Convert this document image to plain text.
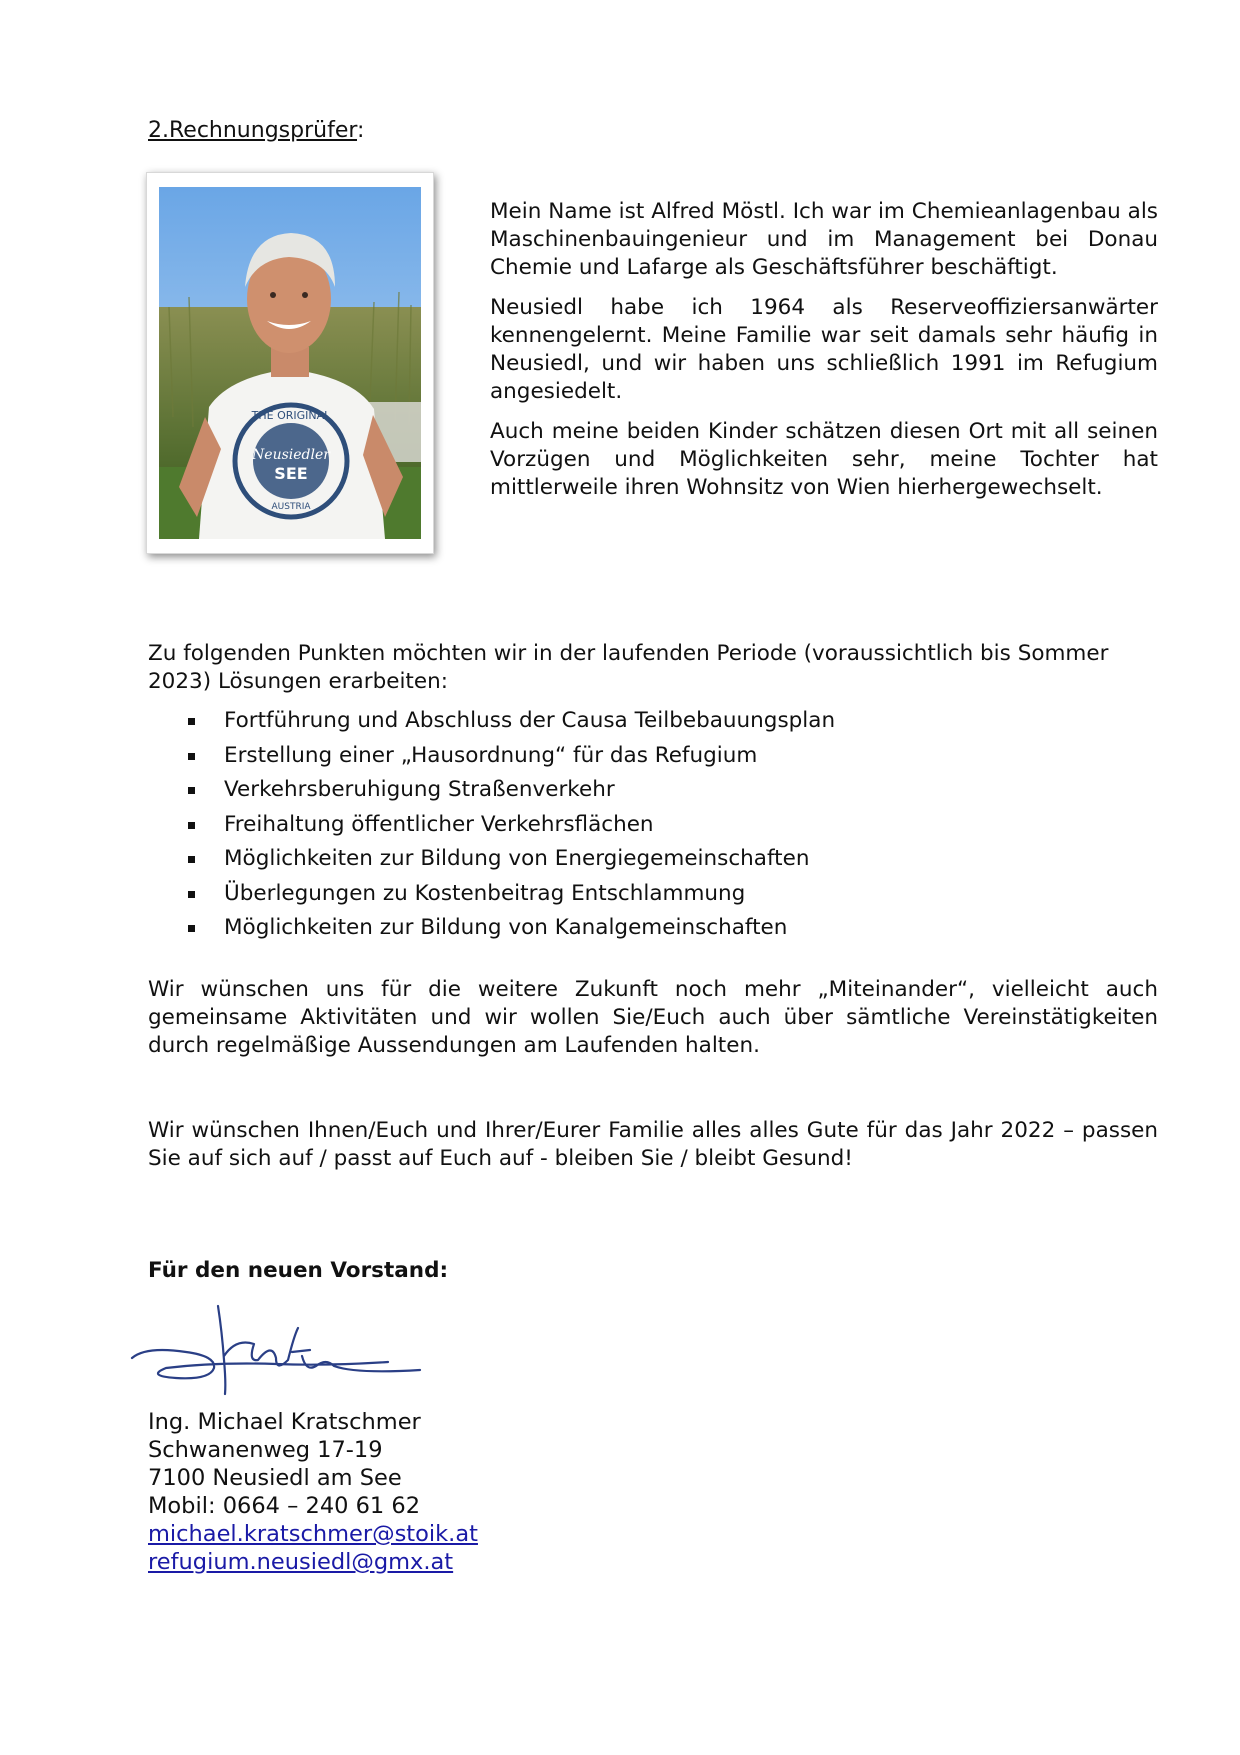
2.Rechnungsprüfer:
THE ORIGINAL
Neusiedler
SEE
AUSTRIA

Mein Name ist Alfred Möstl. Ich war im Chemieanlagenbau als Maschinenbauingenieur und im Management bei Donau Chemie und Lafarge als Geschäftsführer beschäftigt.

Neusiedl habe ich 1964 als Reserveoffiziersanwärter kennengelernt. Meine Familie war seit damals sehr häufig in Neusiedl, und wir haben uns schließlich 1991 im Refugium angesiedelt.

Auch meine beiden Kinder schätzen diesen Ort mit all seinen Vorzügen und Möglichkeiten sehr, meine Tochter hat mittlerweile ihren Wohnsitz von Wien hierhergewechselt.

Zu folgenden Punkten möchten wir in der laufenden Periode (voraussichtlich bis Sommer 2023) Lösungen erarbeiten:
Fortführung und Abschluss der Causa Teilbebauungsplan
Erstellung einer „Hausordnung“ für das Refugium
Verkehrsberuhigung Straßenverkehr
Freihaltung öffentlicher Verkehrsflächen
Möglichkeiten zur Bildung von Energiegemeinschaften
Überlegungen zu Kostenbeitrag Entschlammung
Möglichkeiten zur Bildung von Kanalgemeinschaften
Wir wünschen uns für die weitere Zukunft noch mehr „Miteinander“, vielleicht auch gemeinsame Aktivitäten und wir wollen Sie/Euch auch über sämtliche Vereinstätigkeiten durch regelmäßige Aussendungen am Laufenden halten.
Wir wünschen Ihnen/Euch und Ihrer/Eurer Familie alles alles Gute für das Jahr 2022 – passen Sie auf sich auf / passt auf Euch auf - bleiben Sie / bleibt Gesund!
Für den neuen Vorstand:
Ing. Michael Kratschmer
Schwanenweg 17-19
7100 Neusiedl am See
Mobil: 0664 – 240 61 62
michael.kratschmer@stoik.at
refugium.neusiedl@gmx.at
